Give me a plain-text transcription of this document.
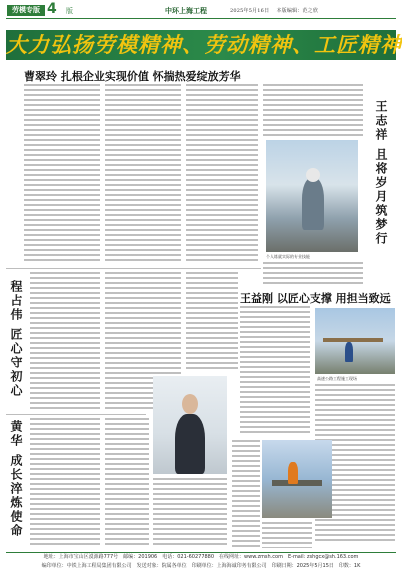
劳模专版 4 版	中环上海工程	2025年5月16日 本版编辑：范之欣
大力弘扬劳模精神、劳动精神、工匠精神
曹翠玲 扎根企业实现价值 怀揣热爱绽放芳华
个人练就实际的专业技能
王志祥 且将岁月筑梦行
程占伟 匠心守初心
黄华 成长淬炼使命
王益刚 以匠心支撑 用担当致远
高速公路工程施工现场

地址：上海市宝山区漠源路777号　邮编：201906　电话：021-60277880　在线网址：www.zmsh.com　E-mail: zshgcx@sh.163.com

编印单位：中铁上海工程局集团有限公司　发送对象：院属各单位　印刷单位：上海海诚印务有限公司　印刷日期：2025年5月15日　印数：1K
